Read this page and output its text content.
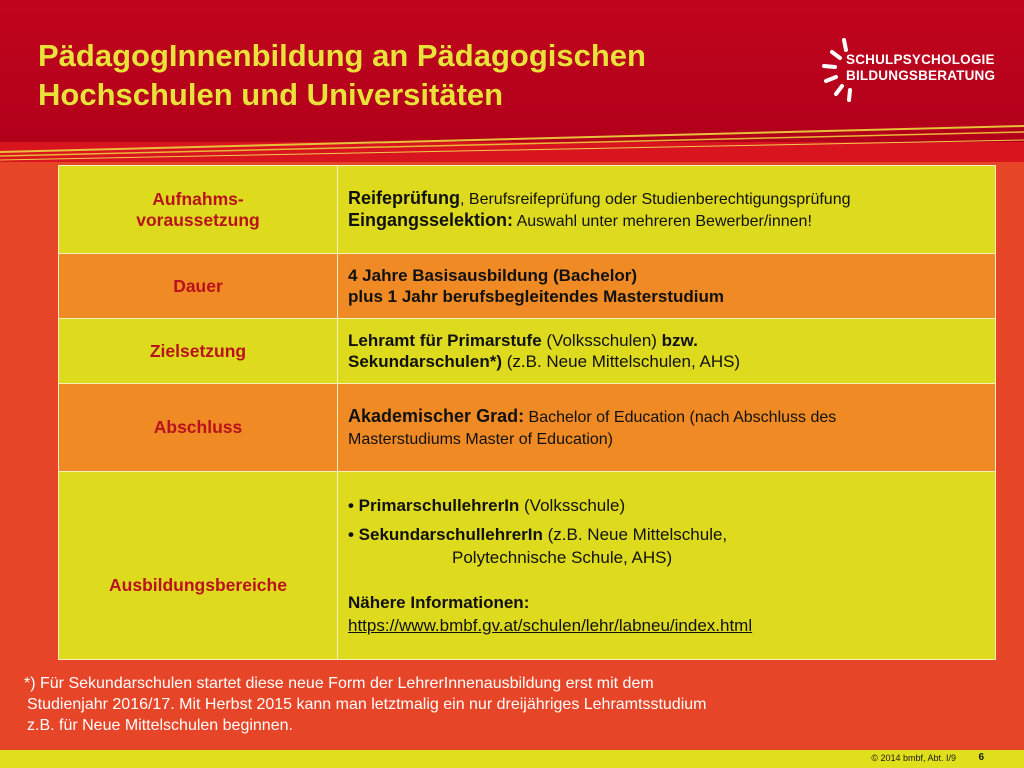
PädagogInnenbildung an Pädagogischen
Hochschulen und Universitäten
SCHULPSYCHOLOGIE
BILDUNGSBERATUNG
Aufnahms-
voraussetzung	Reifeprüfung, Berufsreifeprüfung oder Studienberechtigungsprüfung
Eingangsselektion: Auswahl unter mehreren Bewerber/innen!
Dauer	4 Jahre Basisausbildung (Bachelor)
plus 1 Jahr berufsbegleitendes Masterstudium
Zielsetzung	Lehramt für Primarstufe (Volksschulen) bzw.
Sekundarschulen*) (z.B. Neue Mittelschulen, AHS)
Abschluss	Akademischer Grad: Bachelor of Education (nach Abschluss des
Masterstudiums Master of Education)
Ausbildungsbereiche	• PrimarschullehrerIn (Volksschule)

• SekundarschullehrerIn (z.B. Neue Mittelschule,
Polytechnische Schule, AHS)

Nähere Informationen:
https://www.bmbf.gv.at/schulen/lehr/labneu/index.html
*) Für Sekundarschulen startet diese neue Form der LehrerInnenausbildung erst mit dem
Studienjahr 2016/17. Mit Herbst 2015 kann man letztmalig ein nur dreijähriges Lehramtsstudium
z.B. für Neue Mittelschulen beginnen.
© 2014 bmbf, Abt. I/9 6
